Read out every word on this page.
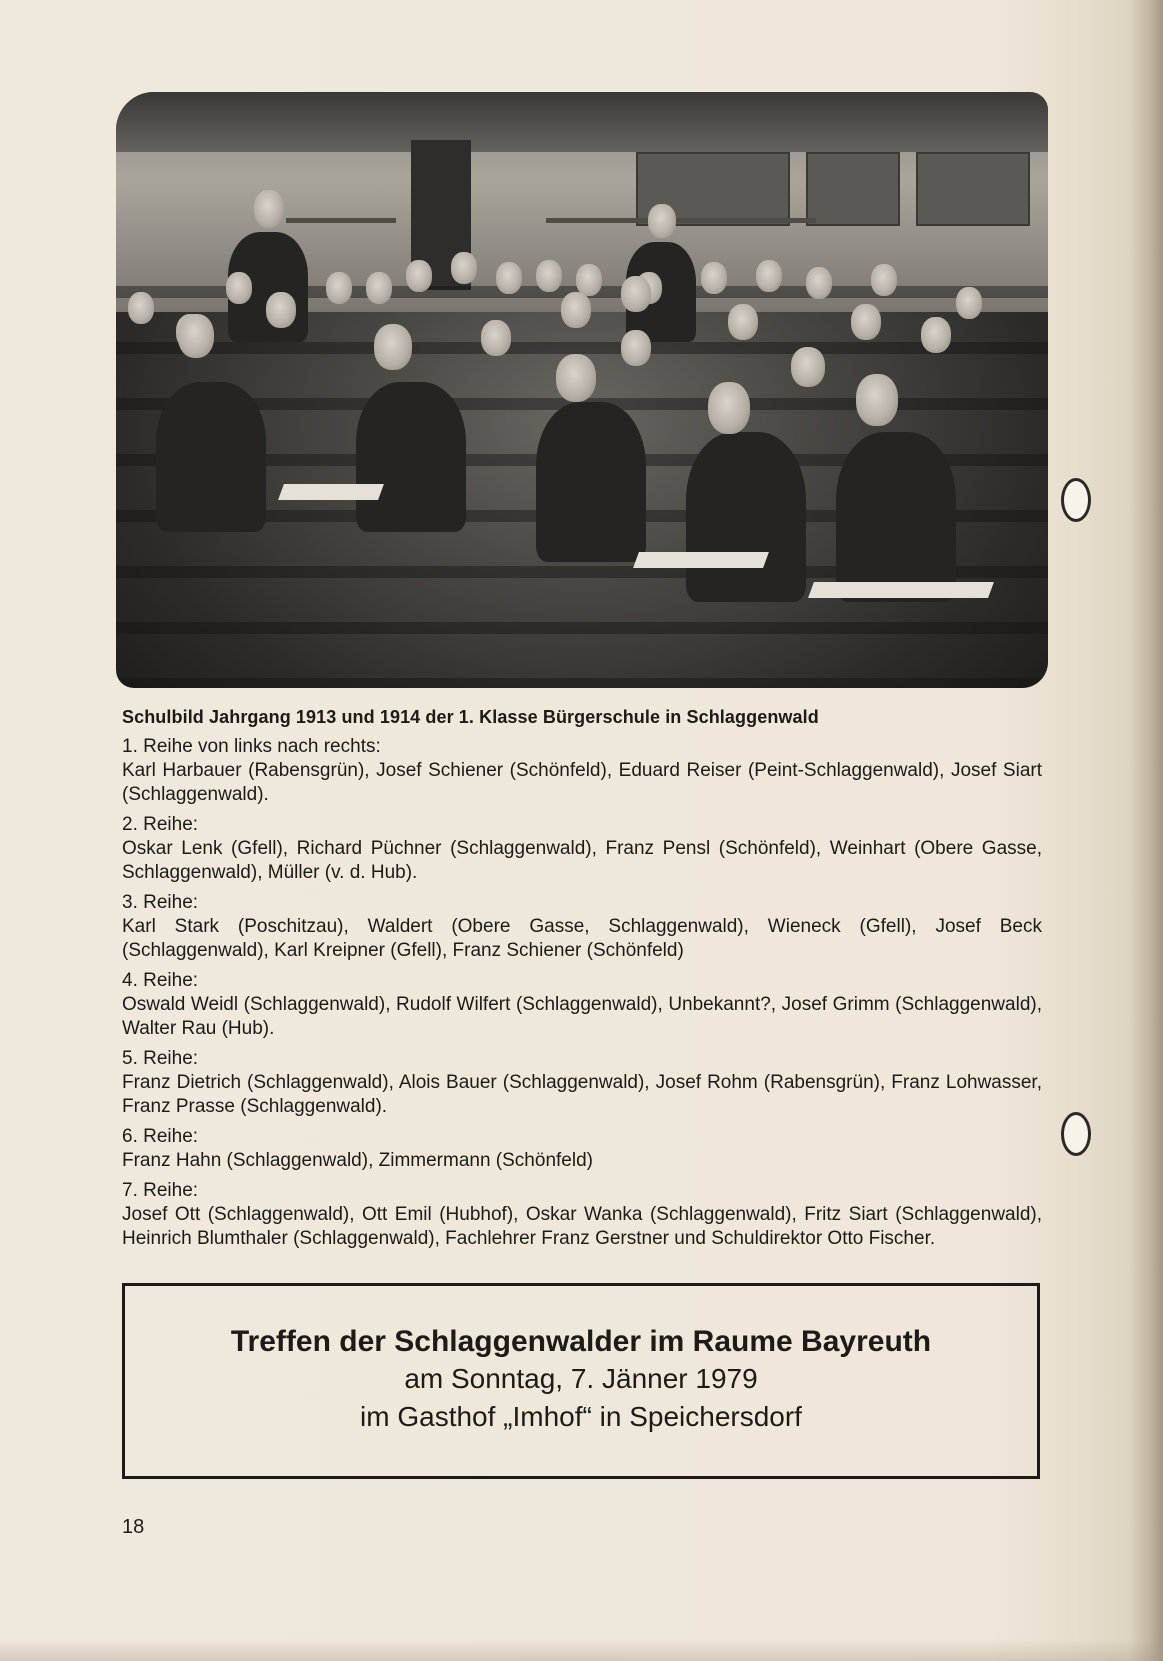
Schulbild Jahrgang 1913 und 1914 der 1. Klasse Bürgerschule in Schlaggenwald

1. Reihe von links nach rechts:

Karl Harbauer (Rabensgrün), Josef Schiener (Schönfeld), Eduard Reiser (Peint-Schlaggenwald), Josef Siart (Schlaggenwald).

2. Reihe:

Oskar Lenk (Gfell), Richard Püchner (Schlaggenwald), Franz Pensl (Schönfeld), Weinhart (Obere Gasse, Schlaggenwald), Müller (v. d. Hub).

3. Reihe:

Karl Stark (Poschitzau), Waldert (Obere Gasse, Schlaggenwald), Wieneck (Gfell), Josef Beck (Schlaggenwald), Karl Kreipner (Gfell), Franz Schiener (Schönfeld)

4. Reihe:

Oswald Weidl (Schlaggenwald), Rudolf Wilfert (Schlaggenwald), Unbekannt?, Josef Grimm (Schlaggenwald), Walter Rau (Hub).

5. Reihe:

Franz Dietrich (Schlaggenwald), Alois Bauer (Schlaggenwald), Josef Rohm (Rabensgrün), Franz Lohwasser, Franz Prasse (Schlaggenwald).

6. Reihe:

Franz Hahn (Schlaggenwald), Zimmermann (Schönfeld)

7. Reihe:

Josef Ott (Schlaggenwald), Ott Emil (Hubhof), Oskar Wanka (Schlaggenwald), Fritz Siart (Schlaggenwald), Heinrich Blumthaler (Schlaggenwald), Fachlehrer Franz Gerstner und Schuldirektor Otto Fischer.

Treffen der Schlaggenwalder im Raume Bayreuth
am Sonntag, 7. Jänner 1979
im Gasthof „Imhof“ in Speichersdorf
18
